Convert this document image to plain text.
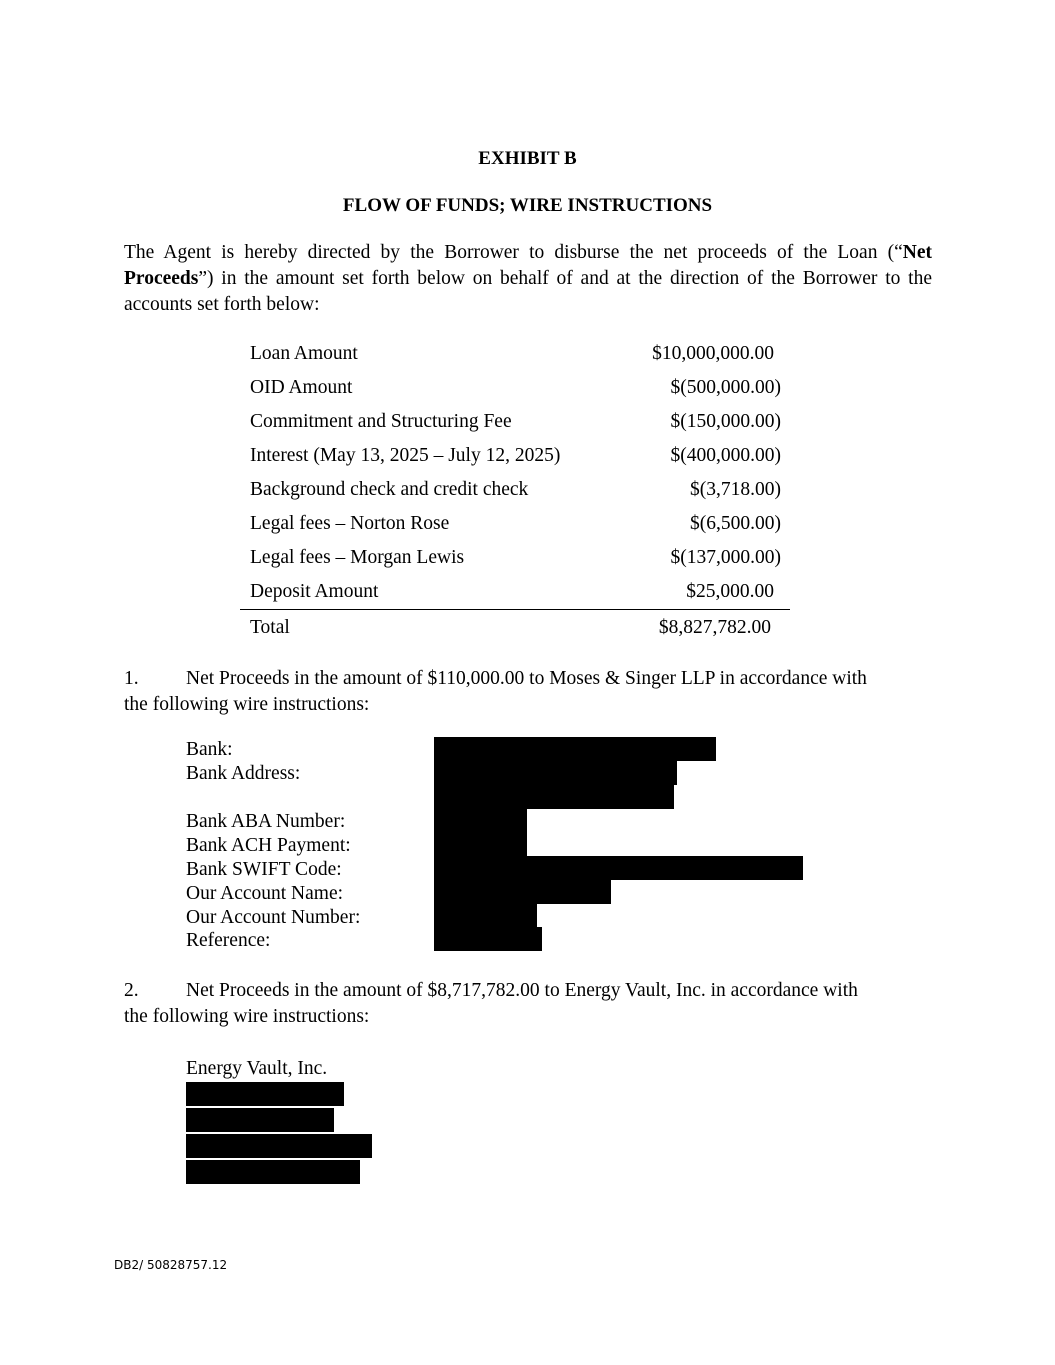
EXHIBIT B
FLOW OF FUNDS; WIRE INSTRUCTIONS
The Agent is hereby directed by the Borrower to disburse the net proceeds of the Loan (“Net
Proceeds”) in the amount set forth below on behalf of and at the direction of the Borrower to the
accounts set forth below:
Loan Amount	$10,000,000.00
OID Amount	$(500,000.00)
Commitment and Structuring Fee	$(150,000.00)
Interest (May 13, 2025 – July 12, 2025)	$(400,000.00)
Background check and credit check	$(3,718.00)
Legal fees – Norton Rose	$(6,500.00)
Legal fees – Morgan Lewis	$(137,000.00)
Deposit Amount	$25,000.00
Total	$8,827,782.00
1. Net Proceeds in the amount of $110,000.00 to Moses & Singer LLP in accordance with
the following wire instructions:
Bank:
Bank Address:
Bank ABA Number:
Bank ACH Payment:
Bank SWIFT Code:
Our Account Name:
Our Account Number:
Reference:
2. Net Proceeds in the amount of $8,717,782.00 to Energy Vault, Inc. in accordance with
the following wire instructions:
Energy Vault, Inc.
DB2/ 50828757.12
